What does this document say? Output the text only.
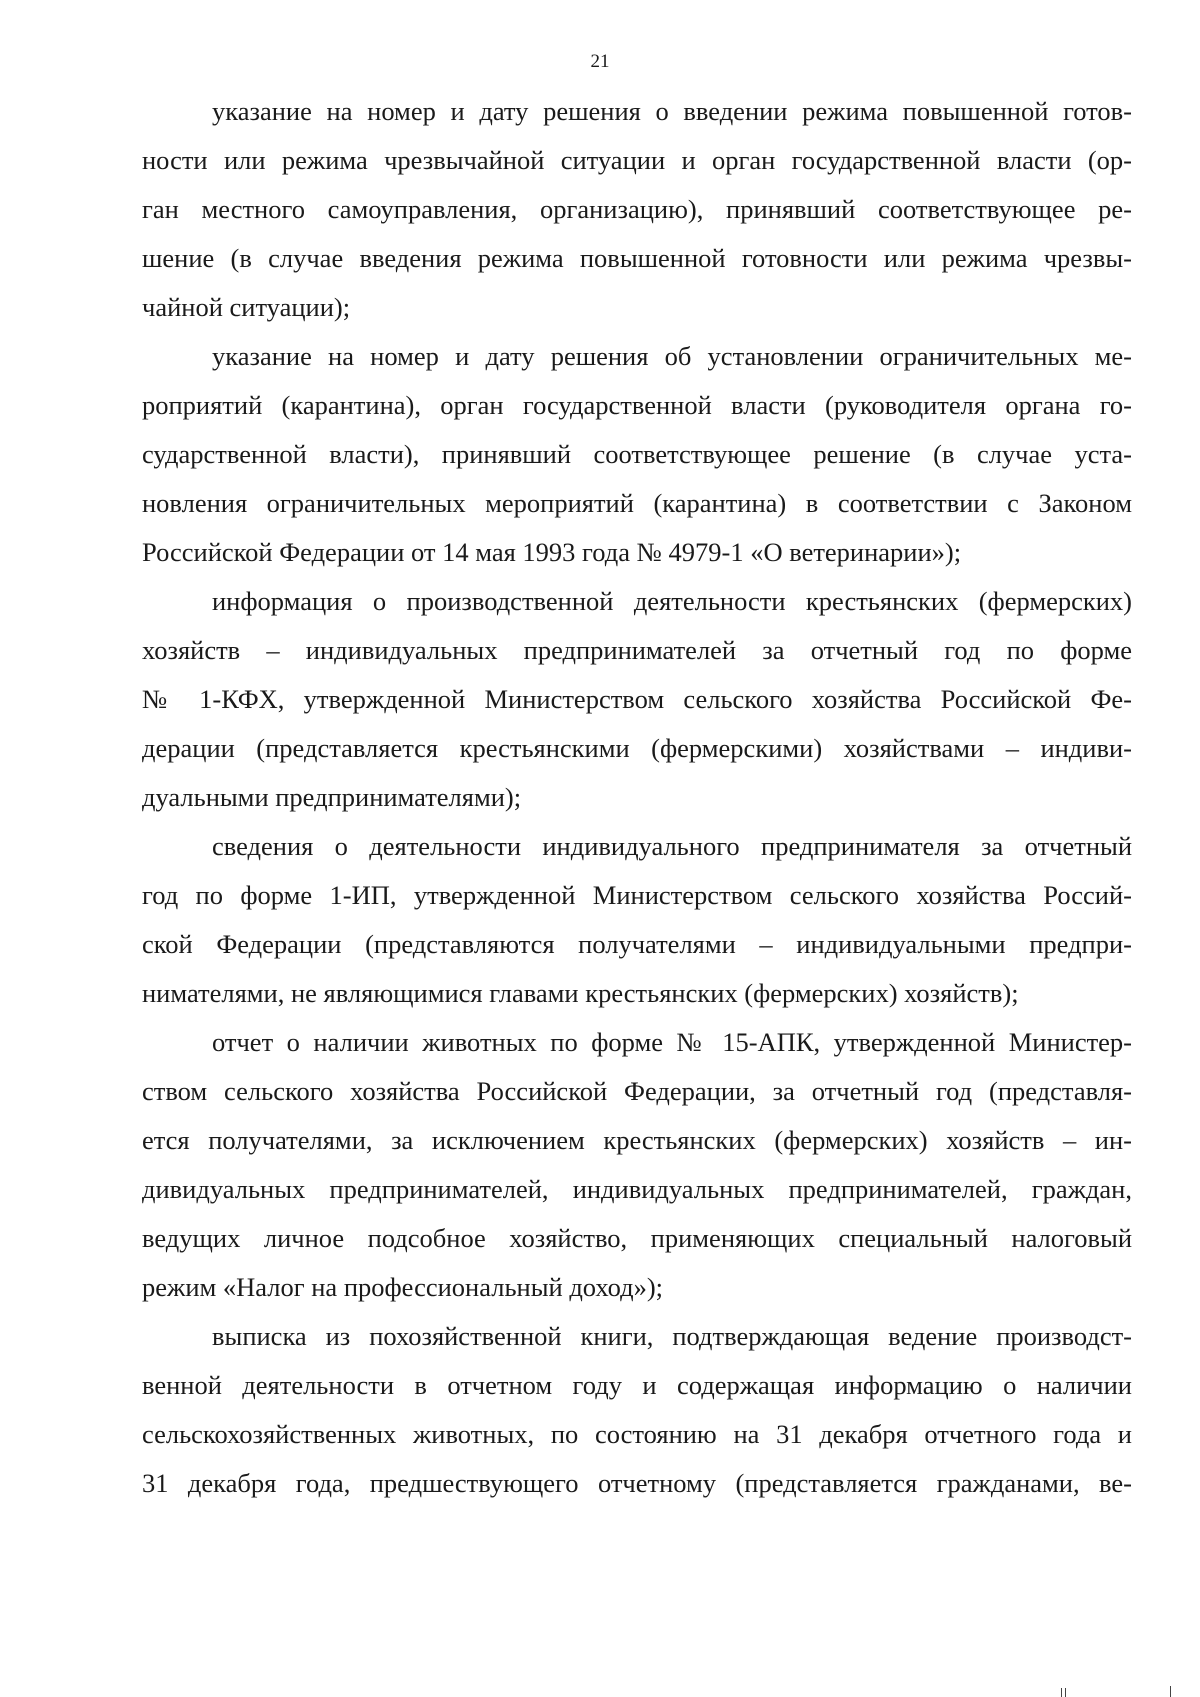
21

указание на номер и дату решения о введении режима повышенной готов-
ности или режима чрезвычайной ситуации и орган государственной власти (ор-
ган местного самоуправления, организацию), принявший соответствующее ре-
шение (в случае введения режима повышенной готовности или режима чрезвы-
чайной ситуации);

указание на номер и дату решения об установлении ограничительных ме-
роприятий (карантина), орган государственной власти (руководителя органа го-
сударственной власти), принявший соответствующее решение (в случае уста-
новления ограничительных мероприятий (карантина) в соответствии с Законом
Российской Федерации от 14 мая 1993 года № 4979-1 «О ветеринарии»);

информация о производственной деятельности крестьянских (фермерских)
хозяйств – индивидуальных предпринимателей за отчетный год по форме
№ 1-КФХ, утвержденной Министерством сельского хозяйства Российской Фе-
дерации (представляется крестьянскими (фермерскими) хозяйствами – индиви-
дуальными предпринимателями);

сведения о деятельности индивидуального предпринимателя за отчетный
год по форме 1-ИП, утвержденной Министерством сельского хозяйства Россий-
ской Федерации (представляются получателями – индивидуальными предпри-
нимателями, не являющимися главами крестьянских (фермерских) хозяйств);

отчет о наличии животных по форме № 15-АПК, утвержденной Министер-
ством сельского хозяйства Российской Федерации, за отчетный год (представля-
ется получателями, за исключением крестьянских (фермерских) хозяйств – ин-
дивидуальных предпринимателей, индивидуальных предпринимателей, граждан,
ведущих личное подсобное хозяйство, применяющих специальный налоговый
режим «Налог на профессиональный доход»);

выписка из похозяйственной книги, подтверждающая ведение производст-
венной деятельности в отчетном году и содержащая информацию о наличии
сельскохозяйственных животных, по состоянию на 31 декабря отчетного года и
31 декабря года, предшествующего отчетному (представляется гражданами, ве-
